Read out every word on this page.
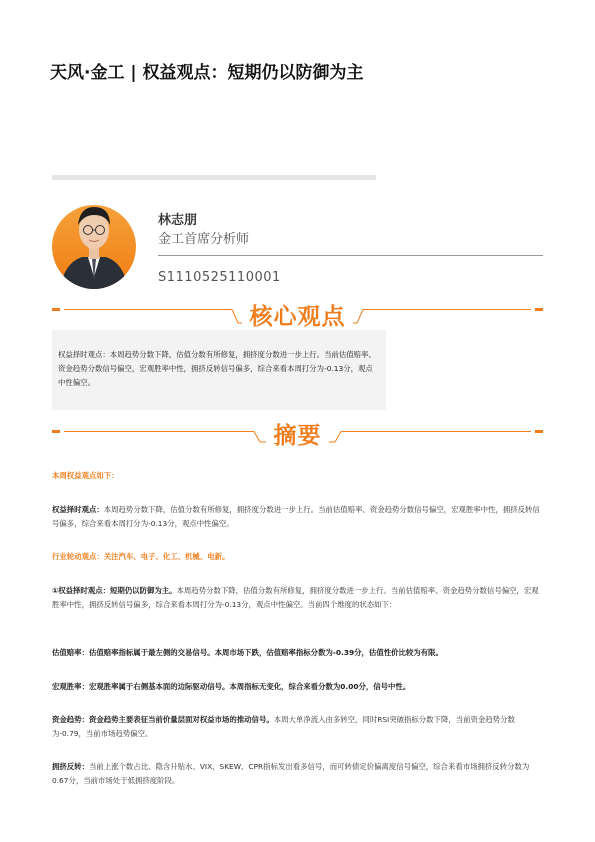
天风·金工 | 权益观点：短期仍以防御为主
林志朋
金工首席分析师
S1110525110001
核心观点

权益择时观点：本周趋势分数下降，估值分数有所修复，拥挤度分数进一步上行。当前估值赔率、资金趋势分数信号偏空，宏观胜率中性，拥挤反转信号偏多，综合来看本周打分为-0.13分，观点中性偏空。

摘要

本周权益观点如下：

权益择时观点：本周趋势分数下降，估值分数有所修复，拥挤度分数进一步上行。当前估值赔率、资金趋势分数信号偏空，宏观胜率中性，拥挤反转信号偏多，综合来看本周打分为-0.13分，观点中性偏空。

行业轮动观点：关注汽车、电子、化工、机械、电新。

①权益择时观点：短期仍以防御为主。本周趋势分数下降，估值分数有所修复，拥挤度分数进一步上行。当前估值赔率、资金趋势分数信号偏空，宏观胜率中性，拥挤反转信号偏多，综合来看本周打分为-0.13分，观点中性偏空。当前四个维度的状态如下：

估值赔率：估值赔率指标属于最左侧的交易信号。本周市场下跌，估值赔率指标分数为-0.39分，估值性价比较为有限。

宏观胜率：宏观胜率属于右侧基本面的边际驱动信号。本周指标无变化，综合来看分数为0.00分，信号中性。

资金趋势：资金趋势主要表征当前价量层面对权益市场的推动信号。本周大单净流入由多转空，同时RSI突破指标分数下降，当前资金趋势分数为-0.79，当前市场趋势偏空。

拥挤反转：当前上涨个数占比、隐含升贴水、VIX、SKEW、CPR指标发出看多信号，而可转债定价偏离度信号偏空，综合来看市场拥挤反转分数为0.67分，当前市场处于低拥挤度阶段。
